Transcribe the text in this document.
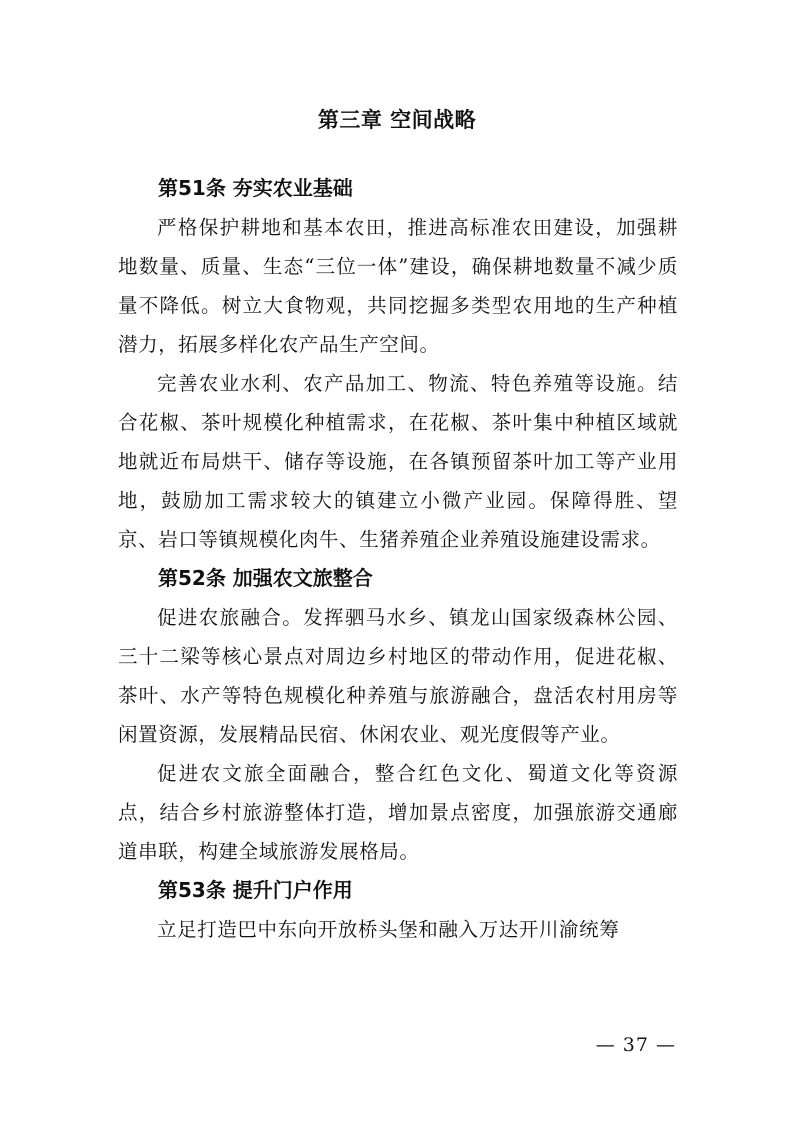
第三章 空间战略
第51条 夯实农业基础

严格保护耕地和基本农田，推进高标准农田建设，加强耕地数量、质量、生态“三位一体”建设，确保耕地数量不减少质量不降低。树立大食物观，共同挖掘多类型农用地的生产种植潜力，拓展多样化农产品生产空间。

完善农业水利、农产品加工、物流、特色养殖等设施。结合花椒、茶叶规模化种植需求，在花椒、茶叶集中种植区域就地就近布局烘干、储存等设施，在各镇预留茶叶加工等产业用地，鼓励加工需求较大的镇建立小微产业园。保障得胜、望京、岩口等镇规模化肉牛、生猪养殖企业养殖设施建设需求。

第52条 加强农文旅整合

促进农旅融合。发挥驷马水乡、镇龙山国家级森林公园、三十二梁等核心景点对周边乡村地区的带动作用，促进花椒、茶叶、水产等特色规模化种养殖与旅游融合，盘活农村用房等闲置资源，发展精品民宿、休闲农业、观光度假等产业。

促进农文旅全面融合，整合红色文化、蜀道文化等资源点，结合乡村旅游整体打造，增加景点密度，加强旅游交通廊道串联，构建全域旅游发展格局。

第53条 提升门户作用

立足打造巴中东向开放桥头堡和融入万达开川渝统筹

— 37 —
